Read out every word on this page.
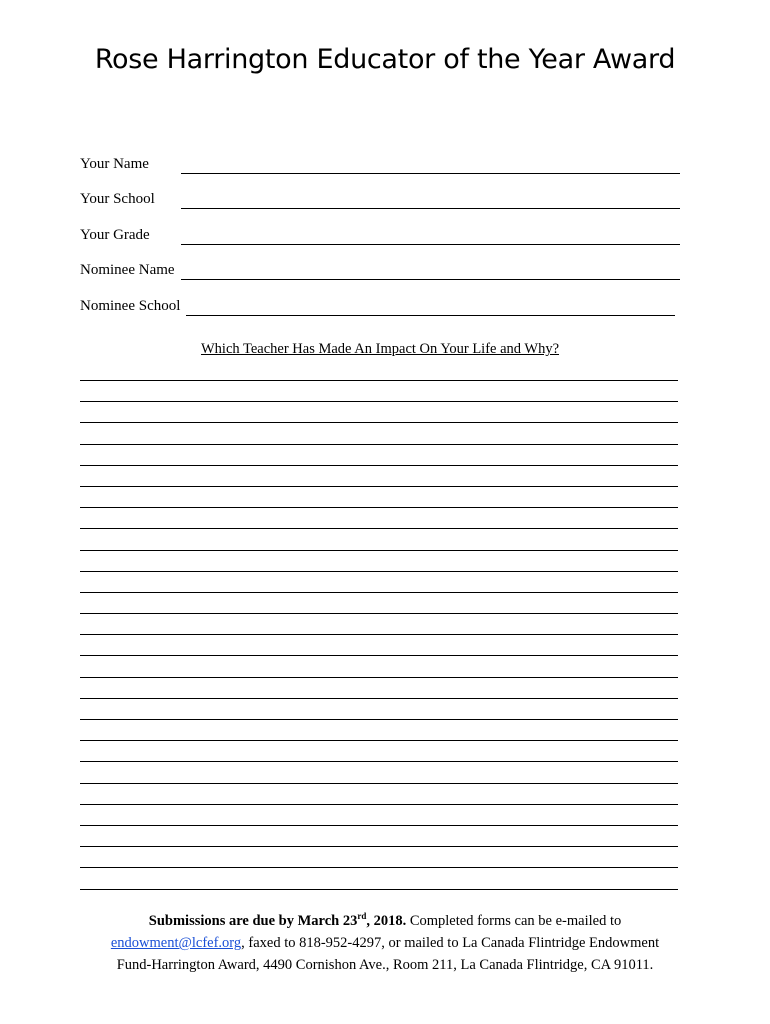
Rose Harrington Educator of the Year Award
Your Name
Your School
Your Grade
Nominee Name
Nominee School
Which Teacher Has Made An Impact On Your Life and Why?
Submissions are due by March 23rd, 2018. Completed forms can be e-mailed to
endowment@lcfef.org, faxed to 818-952-4297, or mailed to La Canada Flintridge Endowment
Fund-Harrington Award, 4490 Cornishon Ave., Room 211, La Canada Flintridge, CA 91011.
